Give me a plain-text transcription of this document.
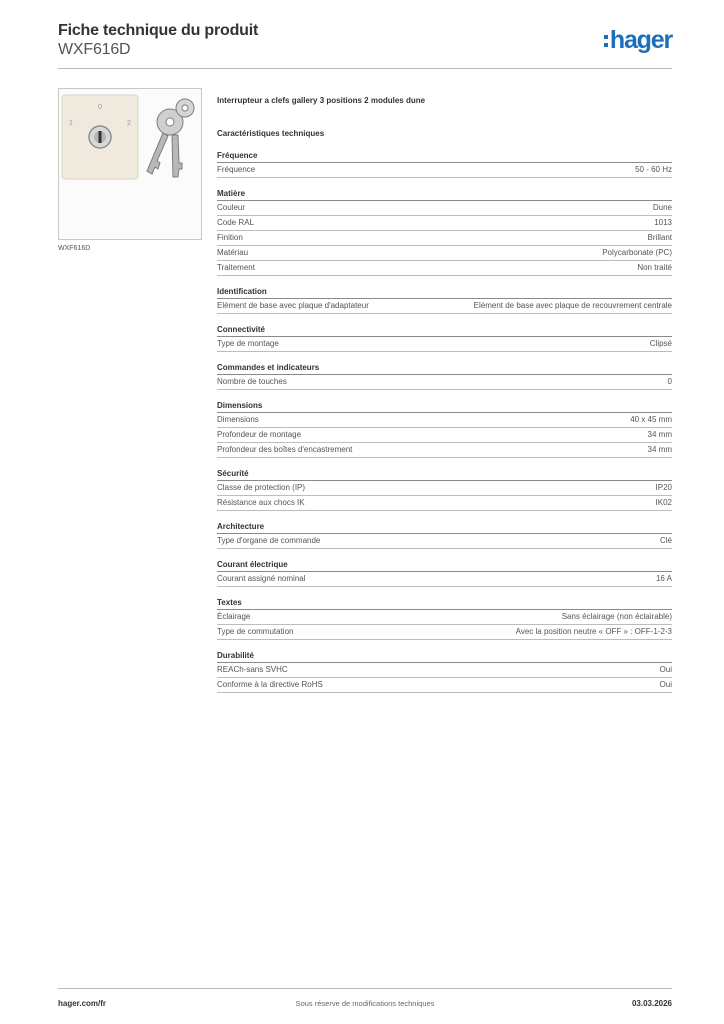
Fiche technique du produit
WXF616D	hager
0
1	2
WXF616D
Interrupteur a clefs gallery 3 positions 2 modules dune
Caractéristiques techniques
Fréquence
Fréquence	50 - 60 Hz
Matière
Couleur	Dune
Code RAL	1013
Finition	Brillant
Matériau	Polycarbonate (PC)
Traitement	Non traité
Identification
Elément de base avec plaque d'adaptateur	Elément de base avec plaque de recouvrement centrale
Connectivité
Type de montage	Clipsé
Commandes et indicateurs
Nombre de touches	0
Dimensions
Dimensions	40 x 45 mm
Profondeur de montage	34 mm
Profondeur des boîtes d'encastrement	34 mm
Sécurité
Classe de protection (IP)	IP20
Résistance aux chocs IK	IK02
Architecture
Type d'organe de commande	Clé
Courant électrique
Courant assigné nominal	16 A
Textes
Éclairage	Sans éclairage (non éclairable)
Type de commutation	Avec la position neutre « OFF » : OFF-1-2-3
Durabilité
REACh-sans SVHC	Oui
Conforme à la directive RoHS	Oui
hager.com/fr	Sous réserve de modifications techniques	03.03.2026
